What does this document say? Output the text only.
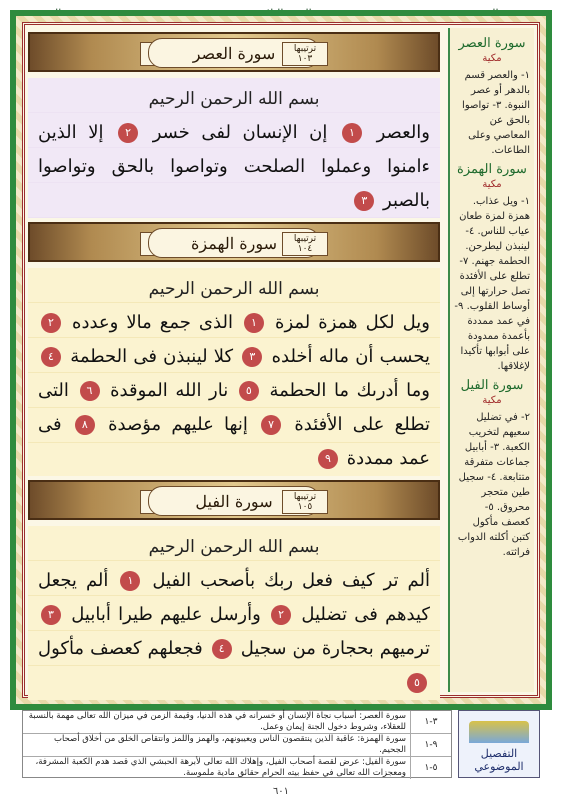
سورة العصر	ترتيبها
١٠٣
بسم الله الرحمن الرحيم
والعصر ١ إن الإنسان لفى خسر ٢ إلا الذين ءامنوا وعملوا الصلحت وتواصوا بالحق وتواصوا بالصبر ٣
سورة الهمزة	ترتيبها
١٠٤
بسم الله الرحمن الرحيم
ويل لكل همزة لمزة ١ الذى جمع مالا وعدده ٢ يحسب أن ماله أخلده ٣ كلا لينبذن فى الحطمة ٤ وما أدرىك ما الحطمة ٥ نار الله الموقدة ٦ التى تطلع على الأفئدة ٧ إنها عليهم مؤصدة ٨ فى عمد ممددة ٩
سورة الفيل	ترتيبها
١٠٥
بسم الله الرحمن الرحيم
ألم تر كيف فعل ربك بأصحب الفيل ١ ألم يجعل كيدهم فى تضليل ٢ وأرسل عليهم طيرا أبابيل ٣ ترميهم بحجارة من سجيل ٤ فجعلهم كعصف مأكول ٥
سورة العصر
مكية
١- والعصر قسم بالدهر أو عصر النبوة. ٣- تواصوا بالحق عن المعاصي وعلى الطاعات.
سورة الهمزة
مكية
١- ويل عذاب. همزة لمزة طعان عياب للناس. ٤- لينبذن ليطرحن. الحطمة جهنم. ٧- تطلع على الأفئدة تصل حرارتها إلى أوساط القلوب. ٩- في عمد ممددة بأعمدة ممدودة على أبوابها تأكيدا لإغلاقها.
سورة الفيل
مكية
٢- في تضليل سعيهم لتخريب الكعبة. ٣- أبابيل جماعات متفرقة متتابعة. ٤- سجيل طين متحجر محروق. ٥- كعصف مأكول كتبن أكلته الدواب فراثته.
٣-١
سورة العصر: أسباب نجاة الإنسان أو خسرانه في هذه الدنيا، وقيمة الزمن في ميزان الله تعالى مهمة بالنسبة للعقلاء، وشروط دخول الجنة إيمان وعمل.
٩-١
سورة الهمزة: عاقبة الذين ينتقصون الناس ويعيبونهم، والهمز واللمز وانتقاص الخلق من أخلاق أصحاب الجحيم.
٥-١
سورة الفيل: عرض لقصة أصحاب الفيل، وإهلاك الله تعالى لأبرهة الحبشي الذي قصد هدم الكعبة المشرفة، ومعجزات الله تعالى في حفظ بيته الحرام حقائق مادية ملموسة.
التفصيل
الموضوعي
٦٠١
